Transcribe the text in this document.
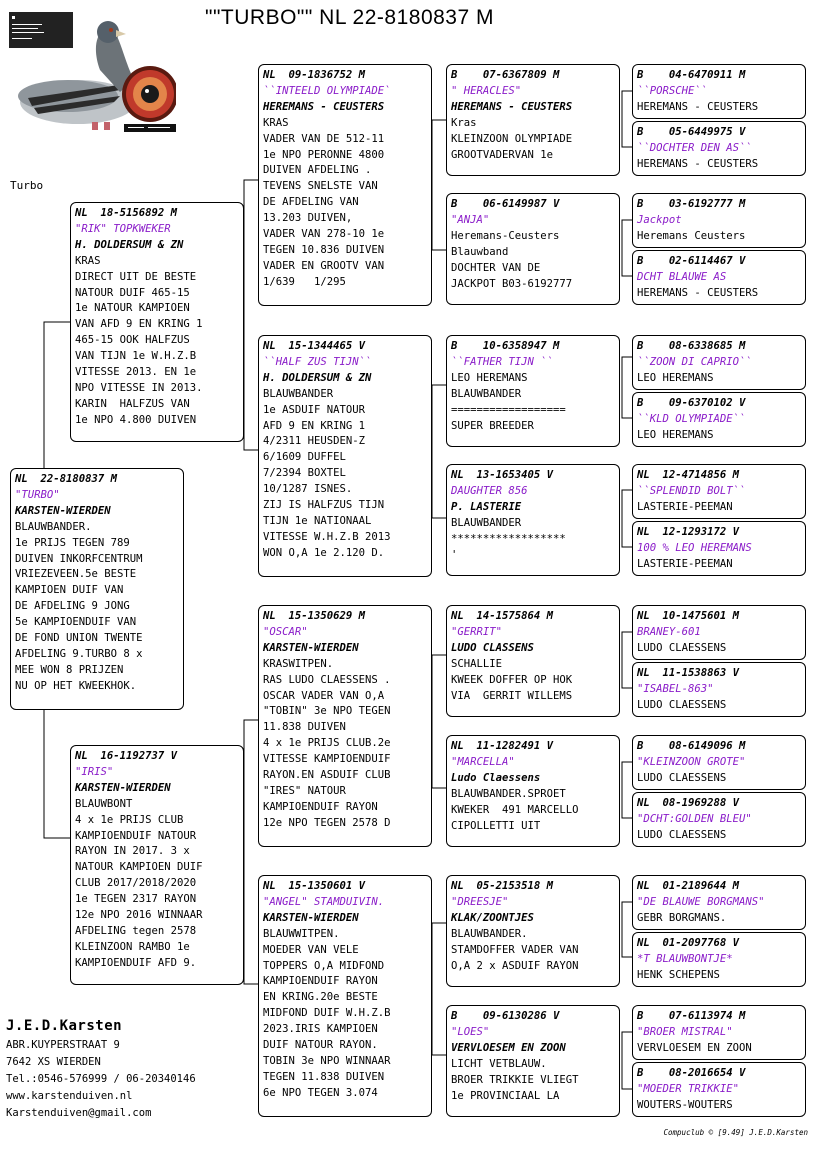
""TURBO"" NL 22-8180837 M
Turbo
NL  22-8180837 M
"TURBO"
KARSTEN-WIERDEN
BLAUWBANDER.
1e PRIJS TEGEN 789
DUIVEN INKORFCENTRUM
VRIEZEVEEN.5e BESTE
KAMPIOEN DUIF VAN
DE AFDELING 9 JONG
5e KAMPIOENDUIF VAN
DE FOND UNION TWENTE
AFDELING 9.TURBO 8 x
MEE WON 8 PRIJZEN
NU OP HET KWEEKHOK.
NL  18-5156892 M
"RIK" TOPKWEKER
H. DOLDERSUM & ZN
KRAS
DIRECT UIT DE BESTE
NATOUR DUIF 465-15
1e NATOUR KAMPIOEN
VAN AFD 9 EN KRING 1
465-15 OOK HALFZUS
VAN TIJN 1e W.H.Z.B
VITESSE 2013. EN 1e
NPO VITESSE IN 2013.
KARIN  HALFZUS VAN
1e NPO 4.800 DUIVEN
NL  16-1192737 V
"IRIS"
KARSTEN-WIERDEN
BLAUWBONT
4 x 1e PRIJS CLUB
KAMPIOENDUIF NATOUR
RAYON IN 2017. 3 x
NATOUR KAMPIOEN DUIF
CLUB 2017/2018/2020
1e TEGEN 2317 RAYON
12e NPO 2016 WINNAAR
AFDELING tegen 2578
KLEINZOON RAMBO 1e
KAMPIOENDUIF AFD 9.
NL  09-1836752 M
``INTEELD OLYMPIADE`
HEREMANS - CEUSTERS
KRAS
VADER VAN DE 512-11
1e NPO PERONNE 4800
DUIVEN AFDELING .
TEVENS SNELSTE VAN
DE AFDELING VAN
13.203 DUIVEN,
VADER VAN 278-10 1e
TEGEN 10.836 DUIVEN
VADER EN GROOTV VAN
1/639   1/295
NL  15-1344465 V
``HALF ZUS TIJN``
H. DOLDERSUM & ZN
BLAUWBANDER
1e ASDUIF NATOUR
AFD 9 EN KRING 1
4/2311 HEUSDEN-Z
6/1609 DUFFEL
7/2394 BOXTEL
10/1287 ISNES.
ZIJ IS HALFZUS TIJN
TIJN 1e NATIONAAL
VITESSE W.H.Z.B 2013
WON O,A 1e 2.120 D.
NL  15-1350629 M
"OSCAR"
KARSTEN-WIERDEN
KRASWITPEN.
RAS LUDO CLAESSENS .
OSCAR VADER VAN O,A
"TOBIN" 3e NPO TEGEN
11.838 DUIVEN
4 x 1e PRIJS CLUB.2e
VITESSE KAMPIOENDUIF
RAYON.EN ASDUIF CLUB
"IRES" NATOUR
KAMPIOENDUIF RAYON
12e NPO TEGEN 2578 D
NL  15-1350601 V
"ANGEL" STAMDUIVIN.
KARSTEN-WIERDEN
BLAUWWITPEN.
MOEDER VAN VELE
TOPPERS O,A MIDFOND
KAMPIOENDUIF RAYON
EN KRING.20e BESTE
MIDFOND DUIF W.H.Z.B
2023.IRIS KAMPIOEN
DUIF NATOUR RAYON.
TOBIN 3e NPO WINNAAR
TEGEN 11.838 DUIVEN
6e NPO TEGEN 3.074
B    07-6367809 M
" HERACLES"
HEREMANS - CEUSTERS
Kras
KLEINZOON OLYMPIADE
GROOTVADERVAN 1e
B    06-6149987 V
"ANJA"
Heremans-Ceusters
Blauwband
DOCHTER VAN DE
JACKPOT B03-6192777
B    10-6358947 M
``FATHER TIJN ``
LEO HEREMANS
BLAUWBANDER
==================
SUPER BREEDER
NL  13-1653405 V
DAUGHTER 856
P. LASTERIE
BLAUWBANDER
******************
'
NL  14-1575864 M
"GERRIT"
LUDO CLASSENS
SCHALLIE
KWEEK DOFFER OP HOK
VIA  GERRIT WILLEMS
NL  11-1282491 V
"MARCELLA"
Ludo Claessens
BLAUWBANDER.SPROET
KWEKER  491 MARCELLO
CIPOLLETTI UIT
NL  05-2153518 M
"DREESJE"
KLAK/ZOONTJES
BLAUWBANDER.
STAMDOFFER VADER VAN
O,A 2 x ASDUIF RAYON
B    09-6130286 V
"LOES"
VERVLOESEM EN ZOON
LICHT VETBLAUW.
BROER TRIKKIE VLIEGT
1e PROVINCIAAL LA
B    04-6470911 M
``PORSCHE``
HEREMANS - CEUSTERS
B    05-6449975 V
``DOCHTER DEN AS``
HEREMANS - CEUSTERS
B    03-6192777 M
Jackpot
Heremans Ceusters
B    02-6114467 V
DCHT BLAUWE AS
HEREMANS - CEUSTERS
B    08-6338685 M
``ZOON DI CAPRIO``
LEO HEREMANS
B    09-6370102 V
``KLD OLYMPIADE``
LEO HEREMANS
NL  12-4714856 M
``SPLENDID BOLT``
LASTERIE-PEEMAN
NL  12-1293172 V
100 % LEO HEREMANS
LASTERIE-PEEMAN
NL  10-1475601 M
BRANEY-601
LUDO CLAESSENS
NL  11-1538863 V
"ISABEL-863"
LUDO CLAESSENS
B    08-6149096 M
"KLEINZOON GROTE"
LUDO CLAESSENS
NL  08-1969288 V
"DCHT:GOLDEN BLEU"
LUDO CLAESSENS
NL  01-2189644 M
"DE BLAUWE BORGMANS"
GEBR BORGMANS.
NL  01-2097768 V
*T BLAUWBONTJE*
HENK SCHEPENS
B    07-6113974 M
"BROER MISTRAL"
VERVLOESEM EN ZOON
B    08-2016654 V
"MOEDER TRIKKIE"
WOUTERS-WOUTERS
J.E.D.Karsten
ABR.KUYPERSTRAAT 9
7642 XS WIERDEN
Tel.:0546-576999 / 06-20340146
www.karstenduiven.nl
Karstenduiven@gmail.com
Compuclub © [9.49] J.E.D.Karsten
